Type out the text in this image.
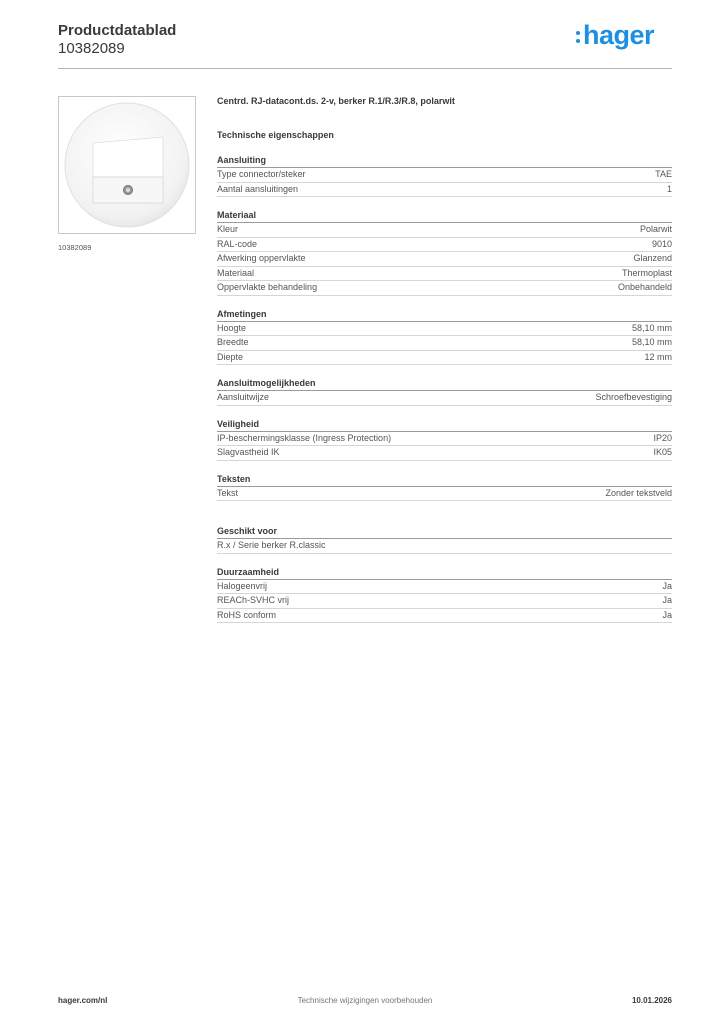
Productdatablad
10382089	hager
10382089
Centrd. RJ-datacont.ds. 2-v, berker R.1/R.3/R.8, polarwit
Technische eigenschappen
Aansluiting
Type connector/steker	TAE
Aantal aansluitingen	1
Materiaal
Kleur	Polarwit
RAL-code	9010
Afwerking oppervlakte	Glanzend
Materiaal	Thermoplast
Oppervlakte behandeling	Onbehandeld
Afmetingen
Hoogte	58,10 mm
Breedte	58,10 mm
Diepte	12 mm
Aansluitmogelijkheden
Aansluitwijze	Schroefbevestiging
Veiligheid
IP-beschermingsklasse (Ingress Protection)	IP20
Slagvastheid IK	IK05
Teksten
Tekst	Zonder tekstveld
Geschikt voor
R.x / Serie berker R.classic
Duurzaamheid
Halogeenvrij	Ja
REACh-SVHC vrij	Ja
RoHS conform	Ja
Technische wijzigingen voorbehouden
hager.com/nl	10.01.2026
